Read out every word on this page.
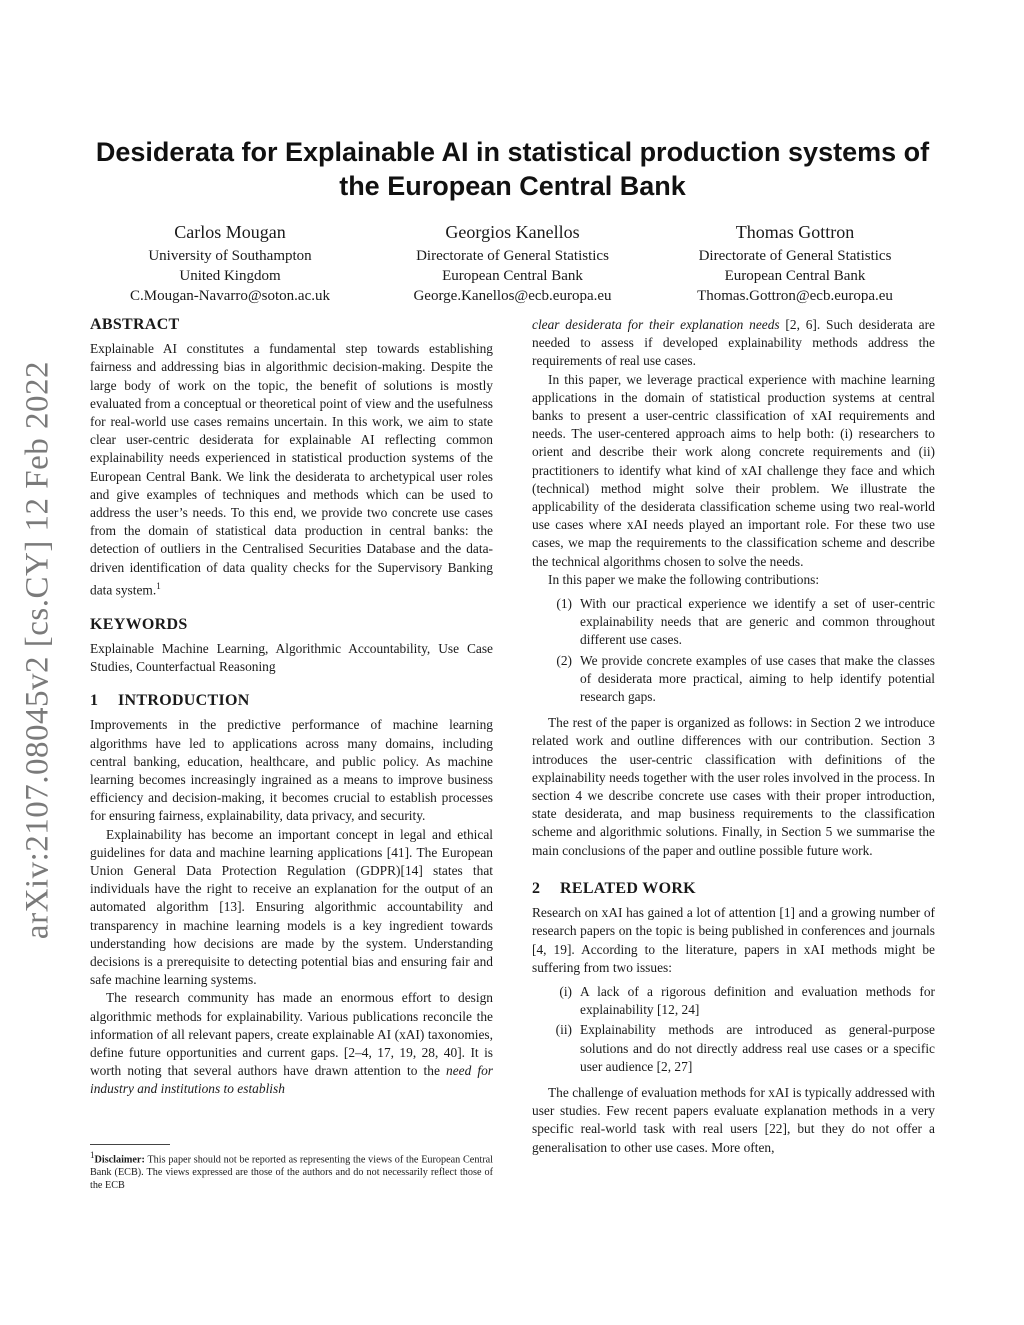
arXiv:2107.08045v2 [cs.CY] 12 Feb 2022
Desiderata for Explainable AI in statistical production systems of the European Central Bank
Carlos Mougan
University of Southampton
United Kingdom
C.Mougan-Navarro@soton.ac.uk
Georgios Kanellos
Directorate of General Statistics
European Central Bank
George.Kanellos@ecb.europa.eu
Thomas Gottron
Directorate of General Statistics
European Central Bank
Thomas.Gottron@ecb.europa.eu
ABSTRACT

Explainable AI constitutes a fundamental step towards establishing fairness and addressing bias in algorithmic decision-making. Despite the large body of work on the topic, the benefit of solutions is mostly evaluated from a conceptual or theoretical point of view and the usefulness for real-world use cases remains uncertain. In this work, we aim to state clear user-centric desiderata for explainable AI reflecting common explainability needs experienced in statistical production systems of the European Central Bank. We link the desiderata to archetypical user roles and give examples of techniques and methods which can be used to address the user’s needs. To this end, we provide two concrete use cases from the domain of statistical data production in central banks: the detection of outliers in the Centralised Securities Database and the data-driven identification of data quality checks for the Supervisory Banking data system.$^1$

KEYWORDS

Explainable Machine Learning, Algorithmic Accountability, Use Case Studies, Counterfactual Reasoning

1 INTRODUCTION

Improvements in the predictive performance of machine learning algorithms have led to applications across many domains, including central banking, education, healthcare, and public policy. As machine learning becomes increasingly ingrained as a means to improve business efficiency and decision-making, it becomes crucial to establish processes for ensuring fairness, explainability, data privacy, and security.

Explainability has become an important concept in legal and ethical guidelines for data and machine learning applications [41]. The European Union General Data Protection Regulation (GDPR)[14] states that individuals have the right to receive an explanation for the output of an automated algorithm [13]. Ensuring algorithmic accountability and transparency in machine learning models is a key ingredient towards understanding how decisions are made by the system. Understanding decisions is a prerequisite to detecting potential bias and ensuring fair and safe machine learning systems.

The research community has made an enormous effort to design algorithmic methods for explainability. Various publications reconcile the information of all relevant papers, create explainable AI (xAI) taxonomies, define future opportunities and current gaps. [2–4, 17, 19, 28, 40]. It is worth noting that several authors have drawn attention to the need for industry and institutions to establish

clear desiderata for their explanation needs [2, 6]. Such desiderata are needed to assess if developed explainability methods address the requirements of real use cases.

In this paper, we leverage practical experience with machine learning applications in the domain of statistical production systems at central banks to present a user-centric classification of xAI requirements and needs. The user-centered approach aims to help both: (i) researchers to orient and describe their work along concrete requirements and (ii) practitioners to identify what kind of xAI challenge they face and which (technical) method might solve their problem. We illustrate the applicability of the desiderata classification scheme using two real-world use cases where xAI needs played an important role. For these two use cases, we map the requirements to the classification scheme and describe the technical algorithms chosen to solve the needs.

In this paper we make the following contributions:

(1) With our practical experience we identify a set of user-centric explainability needs that are generic and common throughout different use cases.
(2) We provide concrete examples of use cases that make the classes of desiderata more practical, aiming to help identify potential research gaps.

The rest of the paper is organized as follows: in Section 2 we introduce related work and outline differences with our contribution. Section 3 introduces the user-centric classification with definitions of the explainability needs together with the user roles involved in the process. In section 4 we describe concrete use cases with their proper introduction, state desiderata, and map business requirements to the classification scheme and algorithmic solutions. Finally, in Section 5 we summarise the main conclusions of the paper and outline possible future work.

2 RELATED WORK

Research on xAI has gained a lot of attention [1] and a growing number of research papers on the topic is being published in conferences and journals [4, 19]. According to the literature, papers in xAI methods might be suffering from two issues:

(i) A lack of a rigorous definition and evaluation methods for explainability [12, 24]
(ii) Explainability methods are introduced as general-purpose solutions and do not directly address real use cases or a specific user audience [2, 27]

The challenge of evaluation methods for xAI is typically addressed with user studies. Few recent papers evaluate explanation methods in a very specific real-world task with real users [22], but they do not offer a generalisation to other use cases. More often,

$^1$Disclaimer: This paper should not be reported as representing the views of the European Central Bank (ECB). The views expressed are those of the authors and do not necessarily reflect those of the ECB
